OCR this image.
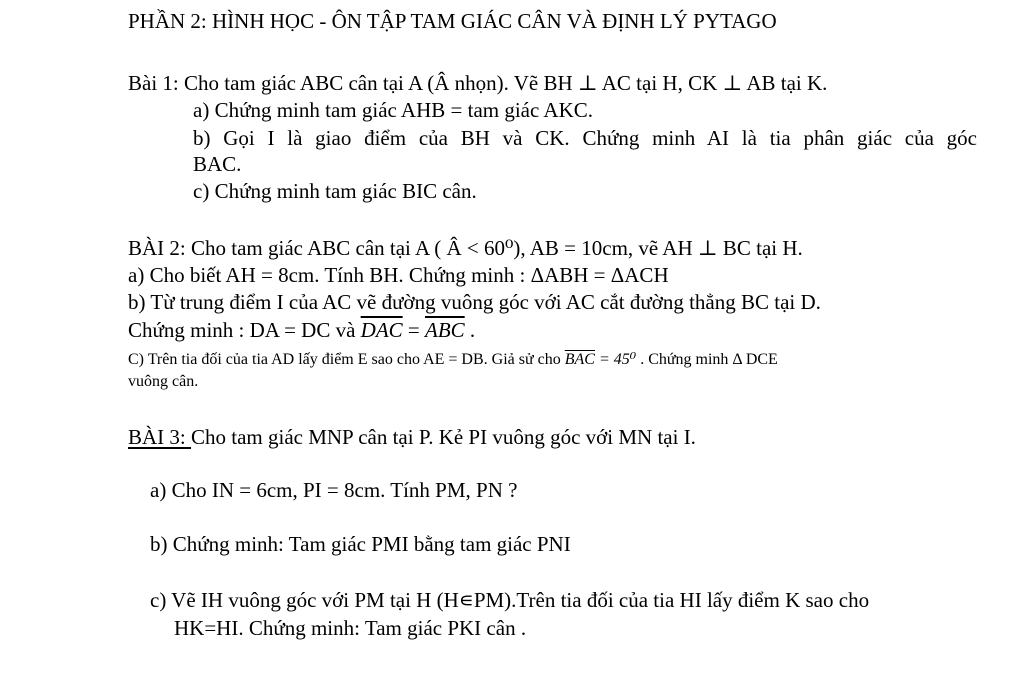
PHẦN 2: HÌNH HỌC - ÔN TẬP TAM GIÁC CÂN VÀ ĐỊNH LÝ PYTAGO
Bài 1: Cho tam giác ABC cân tại A (Â nhọn). Vẽ BH ⊥ AC tại H, CK ⊥ AB tại K.
a) Chứng minh tam giác AHB = tam giác AKC.
b) Gọi I là giao điểm của BH và CK. Chứng minh AI là tia phân giác của góc
BAC.
c) Chứng minh tam giác BIC cân.
BÀI 2: Cho tam giác ABC cân tại A ( Â < 60⁰), AB = 10cm, vẽ AH ⊥ BC tại H.
a) Cho biết AH = 8cm. Tính BH. Chứng minh : ΔABH = ΔACH
b) Từ trung điểm I của AC vẽ đường vuông góc với AC cắt đường thẳng BC tại D.
Chứng minh : DA = DC và $\overline{DAC} = \overline{ABC}$ .
C) Trên tia đối của tia AD lấy điểm E sao cho AE = DB. Giả sử cho $\overline{BAC} = 45^0$ . Chứng minh Δ DCE
vuông cân.
BÀI 3: Cho tam giác MNP cân tại P. Kẻ PI vuông góc với MN tại I.
a) Cho IN = 6cm, PI = 8cm. Tính PM, PN ?
b) Chứng minh: Tam giác PMI bằng tam giác PNI
c) Vẽ IH vuông góc với PM tại H (H∊PM).Trên tia đối của tia HI lấy điểm K sao cho
HK=HI. Chứng minh: Tam giác PKI cân .
